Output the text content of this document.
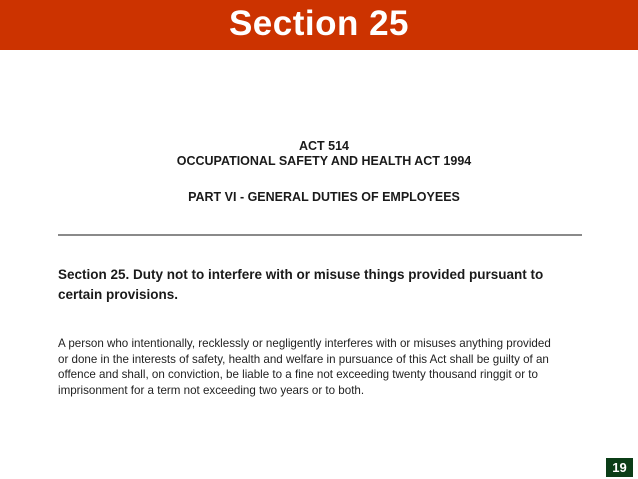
Section 25
ACT 514
OCCUPATIONAL SAFETY AND HEALTH ACT 1994
PART VI - GENERAL DUTIES OF EMPLOYEES
Section 25. Duty not to interfere with or misuse things provided pursuant to
certain provisions.
A person who intentionally, recklessly or negligently interferes with or misuses anything provided
or done in the interests of safety, health and welfare in pursuance of this Act shall be guilty of an
offence and shall, on conviction, be liable to a fine not exceeding twenty thousand ringgit or to
imprisonment for a term not exceeding two years or to both.
19
